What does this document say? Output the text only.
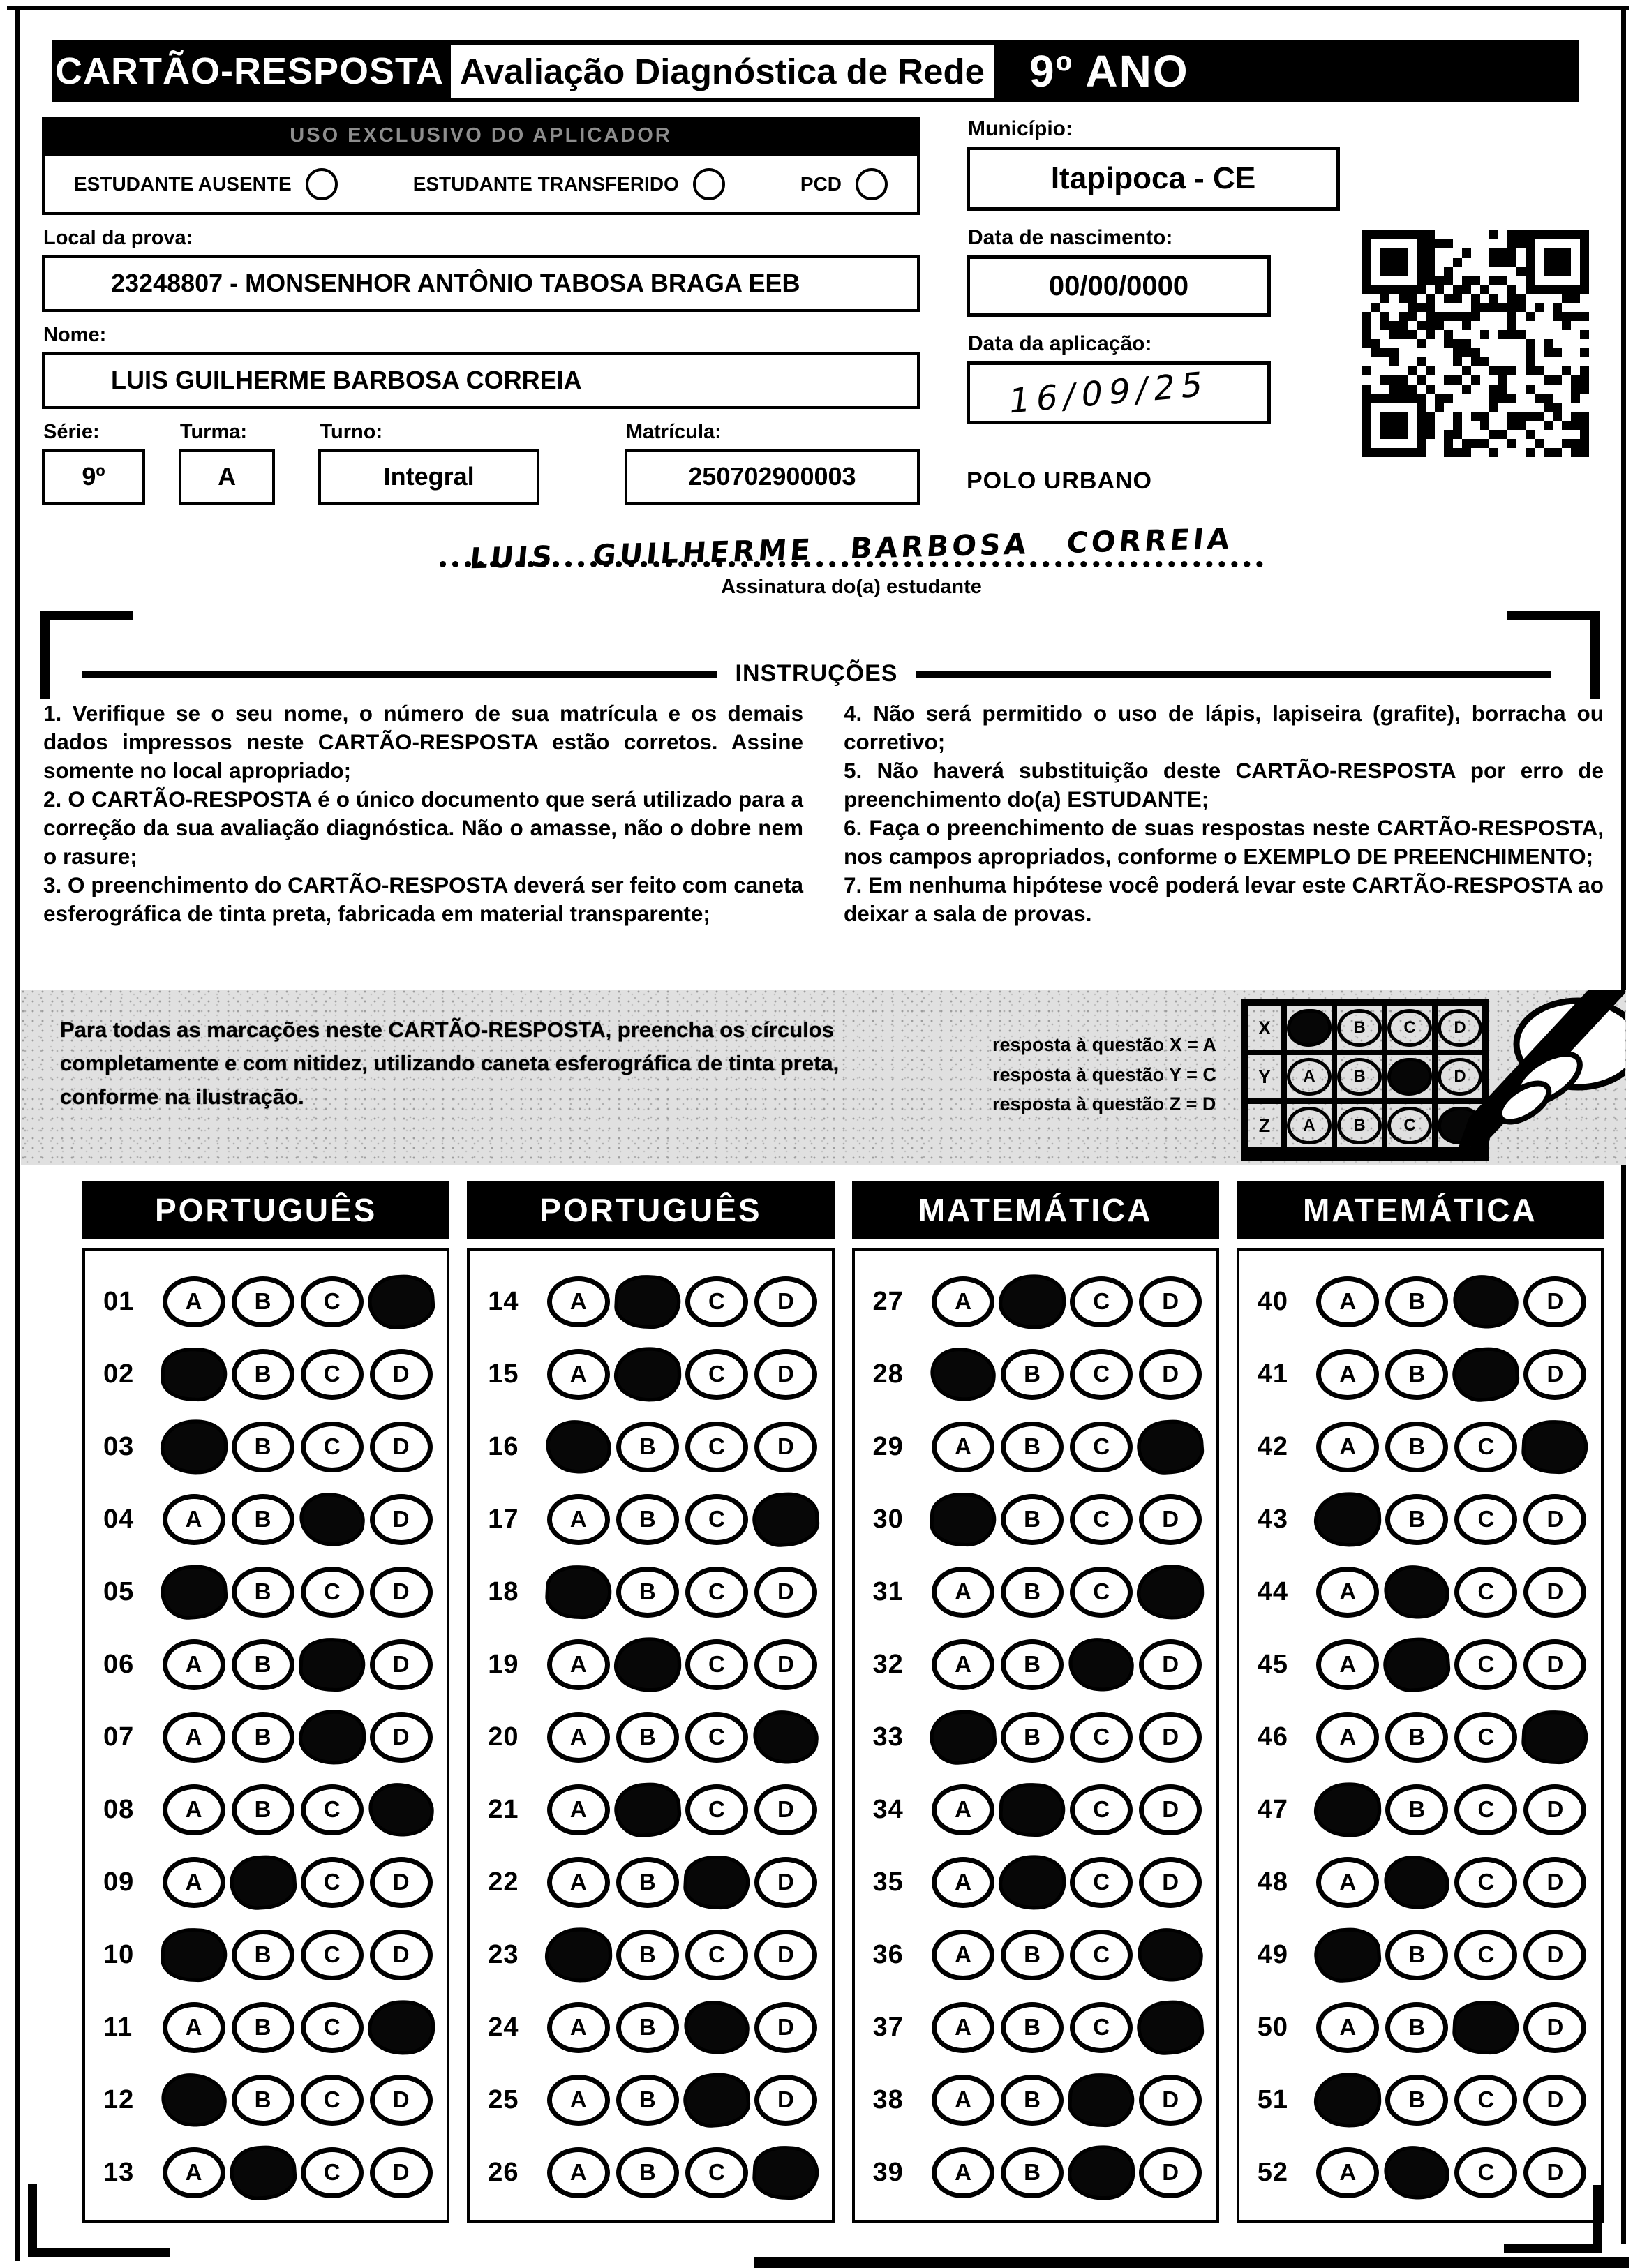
CARTÃO-RESPOSTA Avaliação Diagnóstica de Rede 9º ANO
USO EXCLUSIVO DO APLICADOR
ESTUDANTE AUSENTE	ESTUDANTE TRANSFERIDO	PCD
Local da prova:
23248807 - MONSENHOR ANTÔNIO TABOSA BRAGA EEB
Nome:
LUIS GUILHERME BARBOSA CORREIA
Série:
9º
Turma:
A
Turno:
Integral
Matrícula:
250702900003
Município:
Itapipoca - CE
Data de nascimento:
00/00/0000
Data da aplicação:
16/09/25
POLO URBANO
LUIS GUILHERME BARBOSA CORREIA
Assinatura do(a) estudante
INSTRUÇÕES

1. Verifique se o seu nome, o número de sua matrícula e os demais dados impressos neste CARTÃO-RESPOSTA estão corretos. Assine somente no local apropriado;

2. O CARTÃO-RESPOSTA é o único documento que será utilizado para a correção da sua avaliação diagnóstica. Não o amasse, não o dobre nem o rasure;

3. O preenchimento do CARTÃO-RESPOSTA deverá ser feito com caneta esferográfica de tinta preta, fabricada em material transparente;

4. Não será permitido o uso de lápis, lapiseira (grafite), borracha ou corretivo;

5. Não haverá substituição deste CARTÃO-RESPOSTA por erro de preenchimento do(a) ESTUDANTE;

6. Faça o preenchimento de suas respostas neste CARTÃO-RESPOSTA, nos campos apropriados, conforme o EXEMPLO DE PREENCHIMENTO;

7. Em nenhuma hipótese você poderá levar este CARTÃO-RESPOSTA ao deixar a sala de provas.

Para todas as marcações neste CARTÃO-RESPOSTA, preencha os círculos completamente e com nitidez, utilizando caneta esferográfica de tinta preta, conforme na ilustração.
resposta à questão X = A
resposta à questão Y = C
resposta à questão Z = D
X	B	C	D
Y	A	B	D
Z	A	B	C
PORTUGUÊS
01	A	B	C
02	B	C	D
03	B	C	D
04	A	B	D
05	B	C	D
06	A	B	D
07	A	B	D
08	A	B	C
09	A	C	D
10	B	C	D
11	A	B	C
12	B	C	D
13	A	C	D
PORTUGUÊS
14	A	C	D
15	A	C	D
16	B	C	D
17	A	B	C
18	B	C	D
19	A	C	D
20	A	B	C
21	A	C	D
22	A	B	D
23	B	C	D
24	A	B	D
25	A	B	D
26	A	B	C
MATEMÁTICA
27	A	C	D
28	B	C	D
29	A	B	C
30	B	C	D
31	A	B	C
32	A	B	D
33	B	C	D
34	A	C	D
35	A	C	D
36	A	B	C
37	A	B	C
38	A	B	D
39	A	B	D
MATEMÁTICA
40	A	B	D
41	A	B	D
42	A	B	C
43	B	C	D
44	A	C	D
45	A	C	D
46	A	B	C
47	B	C	D
48	A	C	D
49	B	C	D
50	A	B	D
51	B	C	D
52	A	C	D
